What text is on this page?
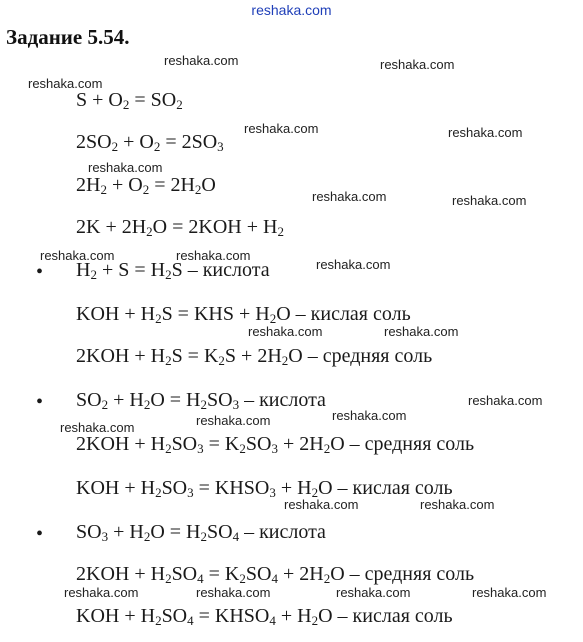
reshaka.com
Задание 5.54.
$S + O_2 = SO_2$
$2SO_2 + O_2 = 2SO_3$
$2H_2 + O_2 = 2H_2O$
$2K + 2H_2O = 2KOH + H_2$
• $H_2 + S = H_2S$ – кислота
KOH + $H_2S$ = KHS + $H_2O$ – кислая соль
$2KOH + H_2S = K_2S + 2H_2O$ – средняя соль
• $SO_2 + H_2O = H_2SO_3$ – кислота
$2KOH + H_2SO_3 = K_2SO_3 + 2H_2O$ – средняя соль
KOH + $H_2SO_3$ = $KHSO_3 + H_2O$ – кислая соль
• $SO_3 + H_2O = H_2SO_4$ – кислота
$2KOH + H_2SO_4 = K_2SO_4 + 2H_2O$ – средняя соль
KOH + $H_2SO_4$ = $KHSO_4 + H_2O$ – кислая соль
reshaka.com	reshaka.com
reshaka.com
reshaka.com	reshaka.com
reshaka.com
reshaka.com	reshaka.com
reshaka.com	reshaka.com
reshaka.com
reshaka.com	reshaka.com
reshaka.com
reshaka.com	reshaka.com
reshaka.com
reshaka.com	reshaka.com
reshaka.com	reshaka.com	reshaka.com	reshaka.com
